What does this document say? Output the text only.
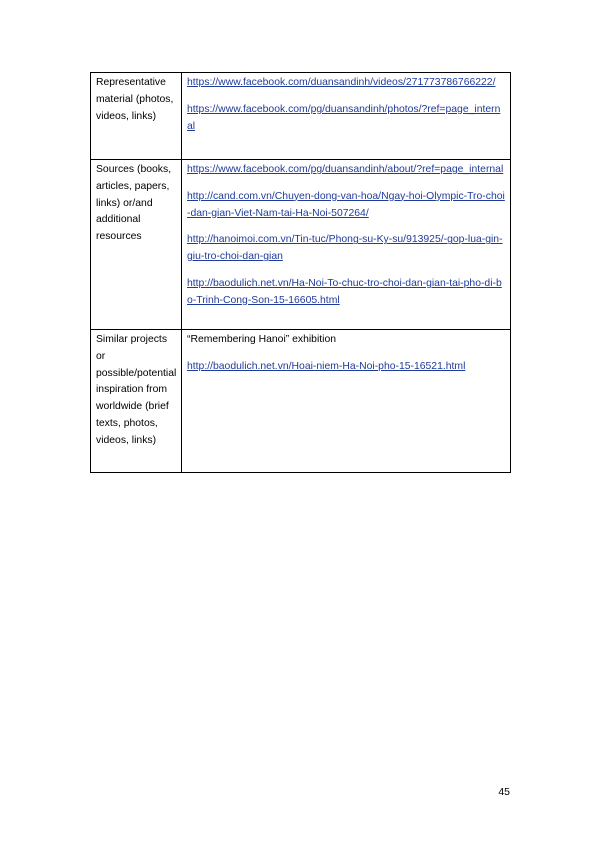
Representative material (photos, videos, links)	https://www.facebook.com/duansandinh/videos/271773786766222/
https://www.facebook.com/pg/duansandinh/photos/?ref=page_internal

Sources (books, articles, papers, links) or/and additional resources	https://www.facebook.com/pg/duansandinh/about/?ref=page_internal
http://cand.com.vn/Chuyen-dong-van-hoa/Ngay-hoi-Olympic-Tro-choi-dan-gian-Viet-Nam-tai-Ha-Noi-507264/
http://hanoimoi.com.vn/Tin-tuc/Phong-su-Ky-su/913925/-gop-lua-gin-giu-tro-choi-dan-gian
http://baodulich.net.vn/Ha-Noi-To-chuc-tro-choi-dan-gian-tai-pho-di-bo-Trinh-Cong-Son-15-16605.html

Similar projects or possible/potential inspiration from worldwide (brief texts, photos, videos, links)	“Remembering Hanoi” exhibition
http://baodulich.net.vn/Hoai-niem-Ha-Noi-pho-15-16521.html
45
